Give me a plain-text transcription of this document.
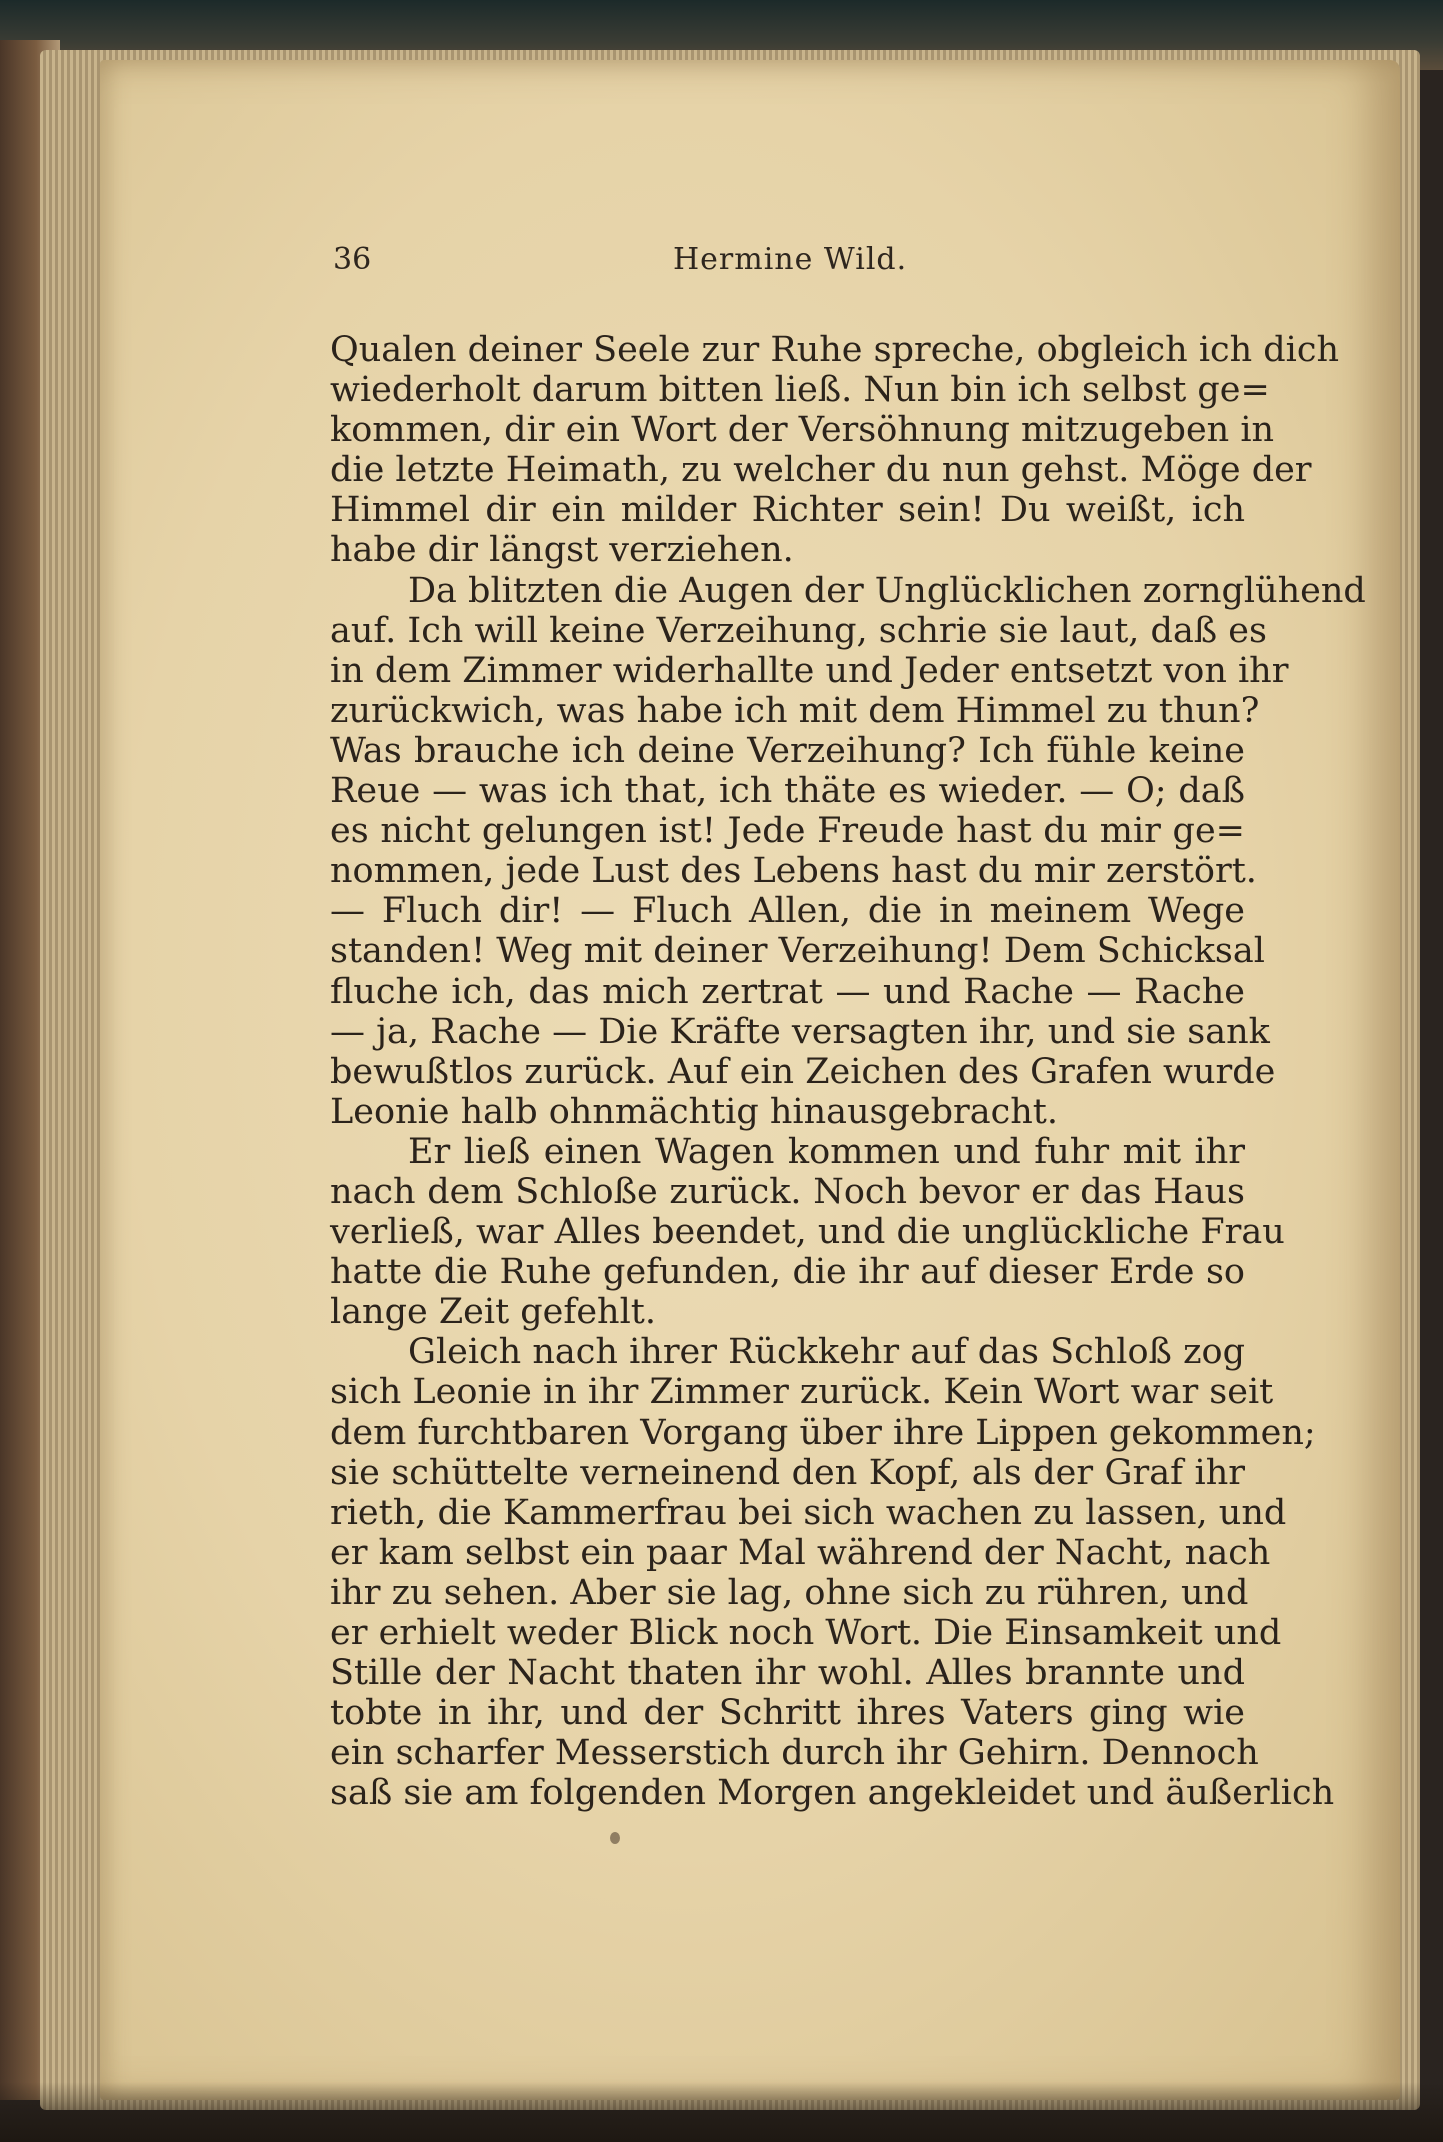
36	Hermine Wild.
Qualen deiner Seele zur Ruhe spreche, obgleich ich dich
wiederholt darum bitten ließ. Nun bin ich selbst ge=
kommen, dir ein Wort der Versöhnung mitzugeben in
die letzte Heimath, zu welcher du nun gehst. Möge der
Himmel dir ein milder Richter sein! Du weißt, ich
habe dir längst verziehen.
Da blitzten die Augen der Unglücklichen zornglühend
auf. Ich will keine Verzeihung, schrie sie laut, daß es
in dem Zimmer widerhallte und Jeder entsetzt von ihr
zurückwich, was habe ich mit dem Himmel zu thun?
Was brauche ich deine Verzeihung? Ich fühle keine
Reue — was ich that, ich thäte es wieder. — O; daß
es nicht gelungen ist! Jede Freude hast du mir ge=
nommen, jede Lust des Lebens hast du mir zerstört.
— Fluch dir! — Fluch Allen, die in meinem Wege
standen! Weg mit deiner Verzeihung! Dem Schicksal
fluche ich, das mich zertrat — und Rache — Rache
— ja, Rache — Die Kräfte versagten ihr, und sie sank
bewußtlos zurück. Auf ein Zeichen des Grafen wurde
Leonie halb ohnmächtig hinausgebracht.
Er ließ einen Wagen kommen und fuhr mit ihr
nach dem Schloße zurück. Noch bevor er das Haus
verließ, war Alles beendet, und die unglückliche Frau
hatte die Ruhe gefunden, die ihr auf dieser Erde so
lange Zeit gefehlt.
Gleich nach ihrer Rückkehr auf das Schloß zog
sich Leonie in ihr Zimmer zurück. Kein Wort war seit
dem furchtbaren Vorgang über ihre Lippen gekommen;
sie schüttelte verneinend den Kopf, als der Graf ihr
rieth, die Kammerfrau bei sich wachen zu lassen, und
er kam selbst ein paar Mal während der Nacht, nach
ihr zu sehen. Aber sie lag, ohne sich zu rühren, und
er erhielt weder Blick noch Wort. Die Einsamkeit und
Stille der Nacht thaten ihr wohl. Alles brannte und
tobte in ihr, und der Schritt ihres Vaters ging wie
ein scharfer Messerstich durch ihr Gehirn. Dennoch
saß sie am folgenden Morgen angekleidet und äußerlich
